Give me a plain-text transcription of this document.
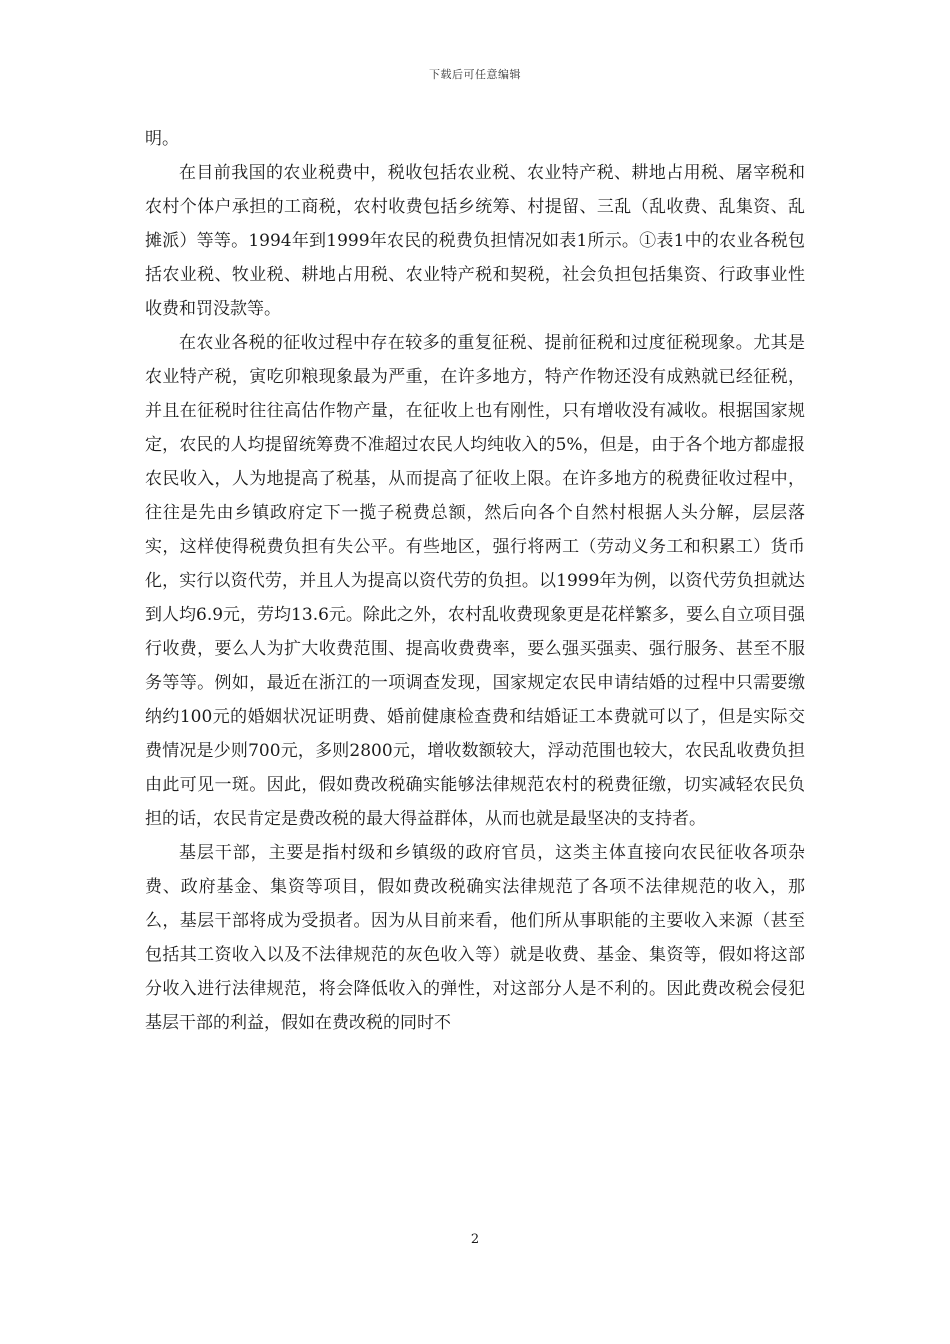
下载后可任意编辑

明。

在目前我国的农业税费中，税收包括农业税、农业特产税、耕地占用税、屠宰税和农村个体户承担的工商税，农村收费包括乡统筹、村提留、三乱（乱收费、乱集资、乱摊派）等等。1994年到1999年农民的税费负担情况如表1所示。①表1中的农业各税包括农业税、牧业税、耕地占用税、农业特产税和契税，社会负担包括集资、行政事业性收费和罚没款等。

在农业各税的征收过程中存在较多的重复征税、提前征税和过度征税现象。尤其是农业特产税，寅吃卯粮现象最为严重，在许多地方，特产作物还没有成熟就已经征税，并且在征税时往往高估作物产量，在征收上也有刚性，只有增收没有减收。根据国家规定，农民的人均提留统筹费不准超过农民人均纯收入的5%，但是，由于各个地方都虚报农民收入，人为地提高了税基，从而提高了征收上限。在许多地方的税费征收过程中，往往是先由乡镇政府定下一揽子税费总额，然后向各个自然村根据人头分解，层层落实，这样使得税费负担有失公平。有些地区，强行将两工（劳动义务工和积累工）货币化，实行以资代劳，并且人为提高以资代劳的负担。以1999年为例，以资代劳负担就达到人均6.9元，劳均13.6元。除此之外，农村乱收费现象更是花样繁多，要么自立项目强行收费，要么人为扩大收费范围、提高收费费率，要么强买强卖、强行服务、甚至不服务等等。例如，最近在浙江的一项调查发现，国家规定农民申请结婚的过程中只需要缴纳约100元的婚姻状况证明费、婚前健康检查费和结婚证工本费就可以了，但是实际交费情况是少则700元，多则2800元，增收数额较大，浮动范围也较大，农民乱收费负担由此可见一斑。因此，假如费改税确实能够法律规范农村的税费征缴，切实减轻农民负担的话，农民肯定是费改税的最大得益群体，从而也就是最坚决的支持者。

基层干部，主要是指村级和乡镇级的政府官员，这类主体直接向农民征收各项杂费、政府基金、集资等项目，假如费改税确实法律规范了各项不法律规范的收入，那么，基层干部将成为受损者。因为从目前来看，他们所从事职能的主要收入来源（甚至包括其工资收入以及不法律规范的灰色收入等）就是收费、基金、集资等，假如将这部分收入进行法律规范，将会降低收入的弹性，对这部分人是不利的。因此费改税会侵犯基层干部的利益，假如在费改税的同时不

2
